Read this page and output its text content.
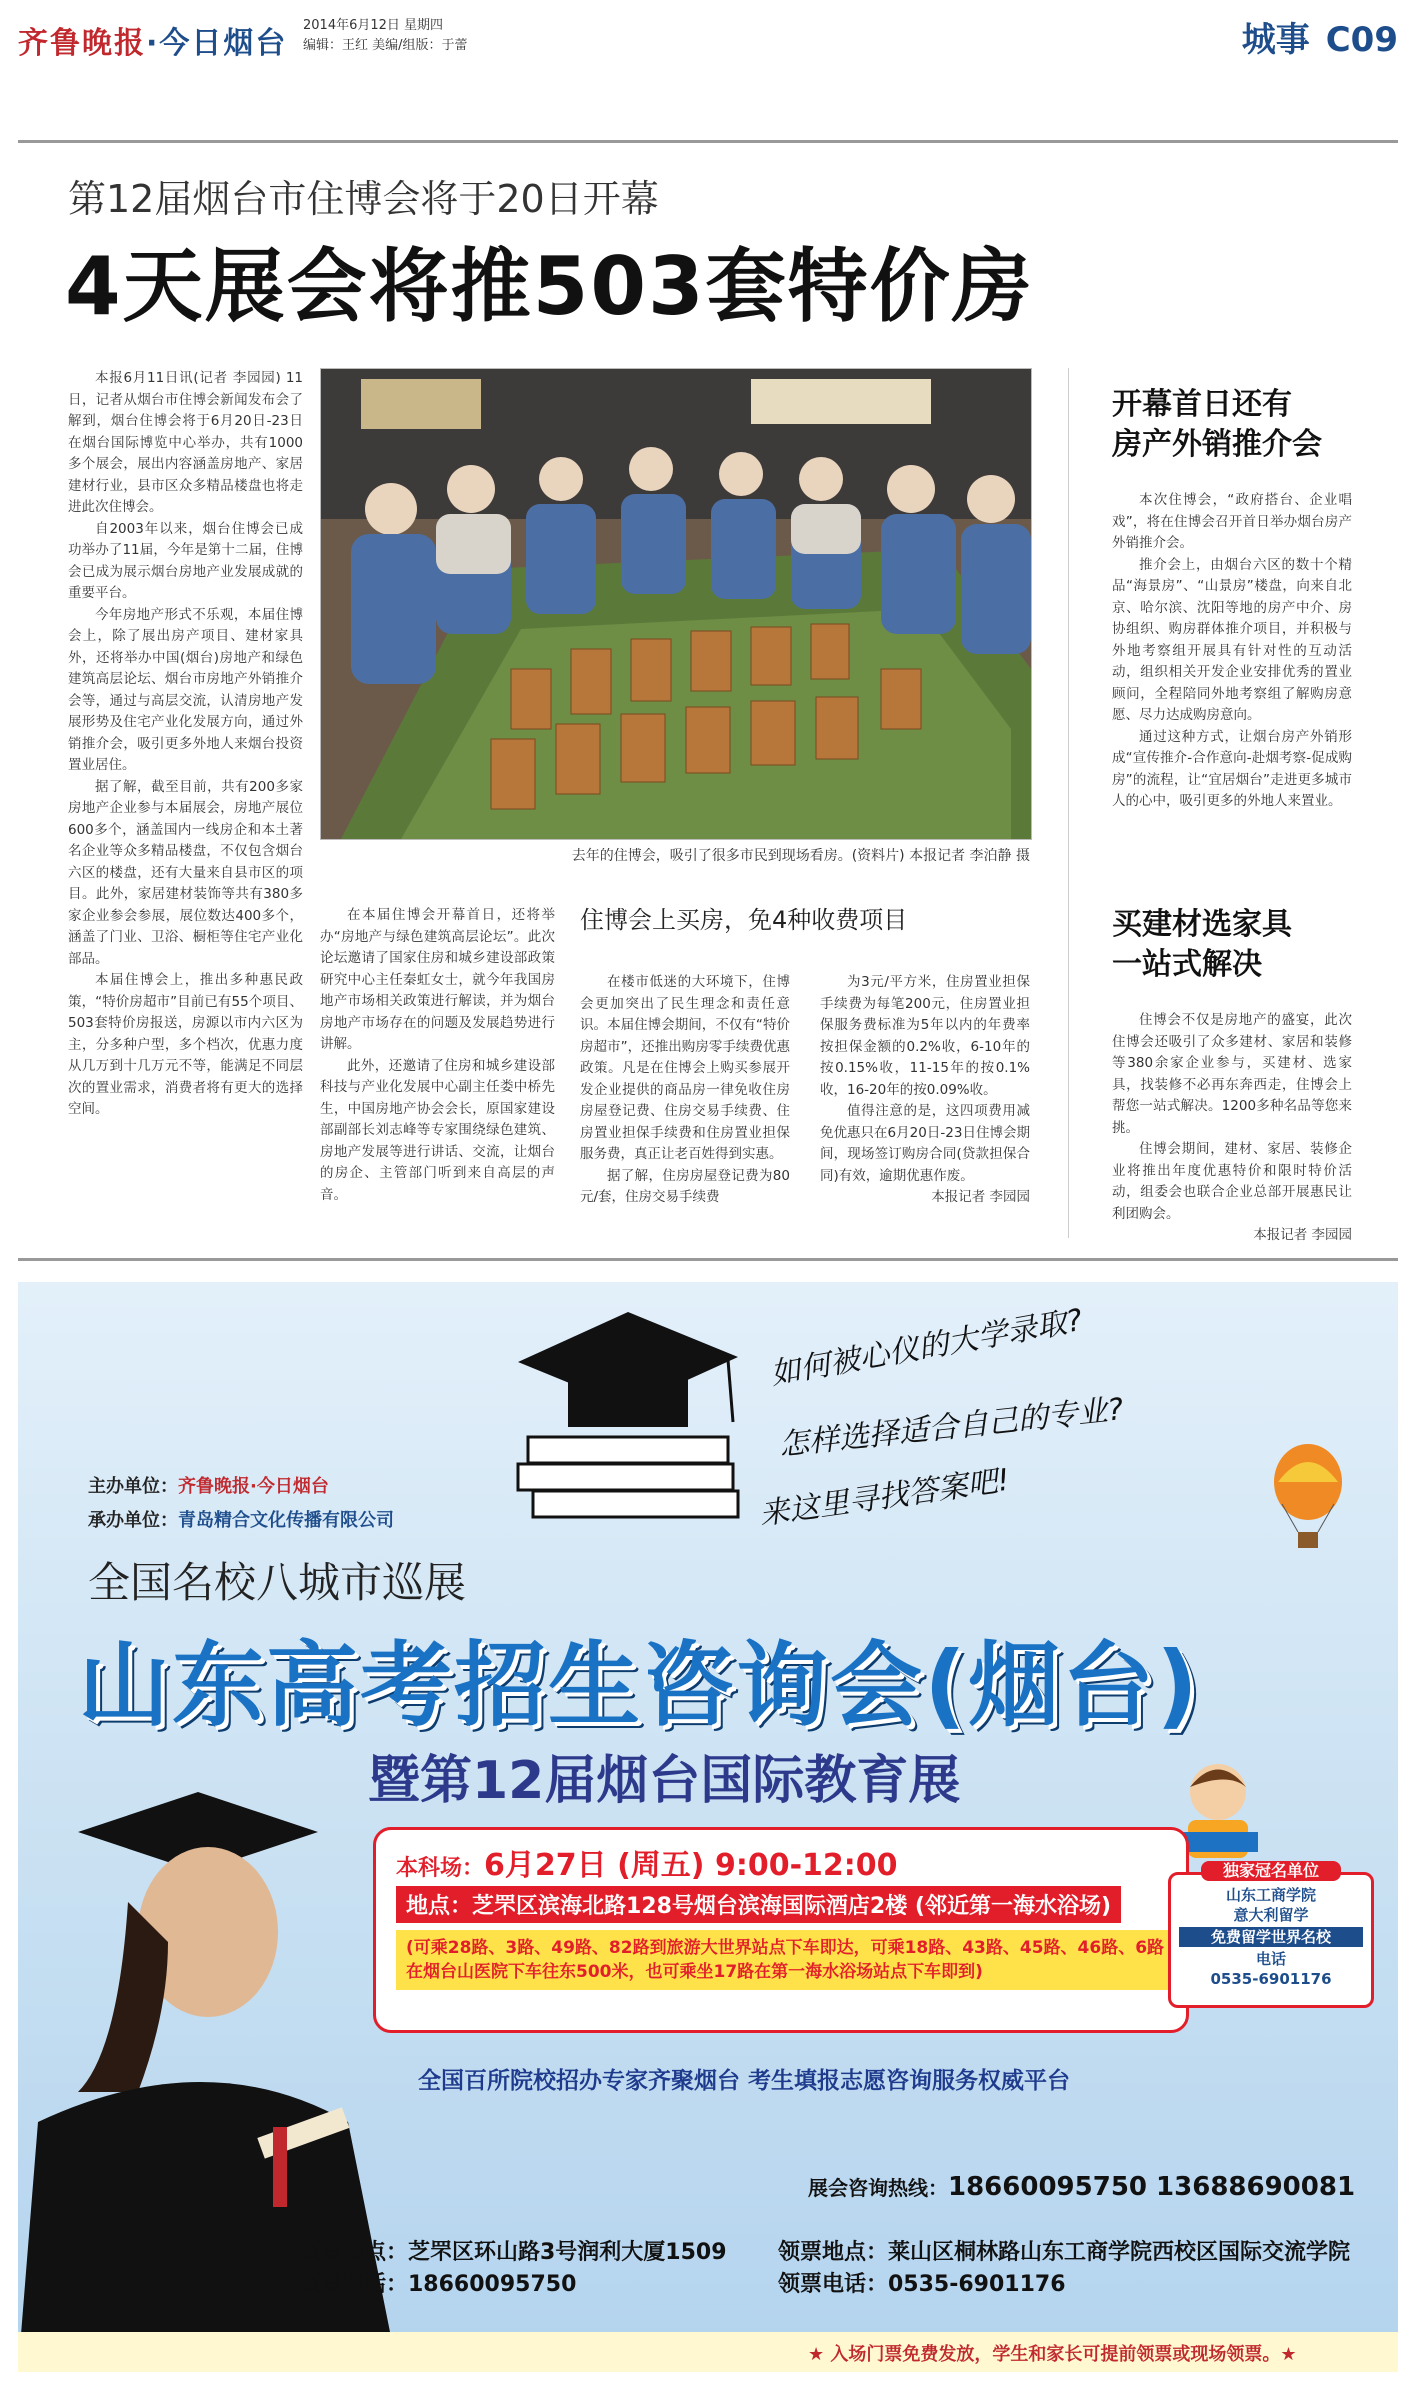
齐鲁晚报·今日烟台
2014年6月12日 星期四
编辑：王红 美编/组版：于蕾	城事 C09
第12届烟台市住博会将于20日开幕
4天展会将推503套特价房

本报6月11日讯(记者 李园园) 11日，记者从烟台市住博会新闻发布会了解到，烟台住博会将于6月20日-23日在烟台国际博览中心举办，共有1000多个展会，展出内容涵盖房地产、家居建材行业，县市区众多精品楼盘也将走进此次住博会。

自2003年以来，烟台住博会已成功举办了11届，今年是第十二届，住博会已成为展示烟台房地产业发展成就的重要平台。

今年房地产形式不乐观，本届住博会上，除了展出房产项目、建材家具外，还将举办中国(烟台)房地产和绿色建筑高层论坛、烟台市房地产外销推介会等，通过与高层交流，认清房地产发展形势及住宅产业化发展方向，通过外销推介会，吸引更多外地人来烟台投资置业居住。

据了解，截至目前，共有200多家房地产企业参与本届展会，房地产展位600多个，涵盖国内一线房企和本土著名企业等众多精品楼盘，不仅包含烟台六区的楼盘，还有大量来自县市区的项目。此外，家居建材装饰等共有380多家企业参会参展，展位数达400多个，涵盖了门业、卫浴、橱柜等住宅产业化部品。

本届住博会上，推出多种惠民政策，“特价房超市”目前已有55个项目、503套特价房报送，房源以市内六区为主，分多种户型，多个档次，优惠力度从几万到十几万元不等，能满足不同层次的置业需求，消费者将有更大的选择空间。

去年的住博会，吸引了很多市民到现场看房。(资料片) 本报记者 李泊静 摄

在本届住博会开幕首日，还将举办“房地产与绿色建筑高层论坛”。此次论坛邀请了国家住房和城乡建设部政策研究中心主任秦虹女士，就今年我国房地产市场相关政策进行解读，并为烟台房地产市场存在的问题及发展趋势进行讲解。

此外，还邀请了住房和城乡建设部科技与产业化发展中心副主任娄中桥先生，中国房地产协会会长，原国家建设部副部长刘志峰等专家围绕绿色建筑、房地产发展等进行讲话、交流，让烟台的房企、主管部门听到来自高层的声音。

住博会上买房，免4种收费项目

在楼市低迷的大环境下，住博会更加突出了民生理念和责任意识。本届住博会期间，不仅有“特价房超市”，还推出购房零手续费优惠政策。凡是在住博会上购买参展开发企业提供的商品房一律免收住房房屋登记费、住房交易手续费、住房置业担保手续费和住房置业担保服务费，真正让老百姓得到实惠。

据了解，住房房屋登记费为80元/套，住房交易手续费

为3元/平方米，住房置业担保手续费为每笔200元，住房置业担保服务费标准为5年以内的年费率按担保金额的0.2%收，6-10年的按0.15%收，11-15年的按0.1%收，16-20年的按0.09%收。

值得注意的是，这四项费用减免优惠只在6月20日-23日住博会期间，现场签订购房合同(贷款担保合同)有效，逾期优惠作废。

本报记者 李园园

开幕首日还有
房产外销推介会

本次住博会，“政府搭台、企业唱戏”，将在住博会召开首日举办烟台房产外销推介会。

推介会上，由烟台六区的数十个精品“海景房”、“山景房”楼盘，向来自北京、哈尔滨、沈阳等地的房产中介、房协组织、购房群体推介项目，并积极与外地考察组开展具有针对性的互动活动，组织相关开发企业安排优秀的置业顾问，全程陪同外地考察组了解购房意愿、尽力达成购房意向。

通过这种方式，让烟台房产外销形成“宣传推介-合作意向-赴烟考察-促成购房”的流程，让“宜居烟台”走进更多城市人的心中，吸引更多的外地人来置业。

买建材选家具
一站式解决

住博会不仅是房地产的盛宴，此次住博会还吸引了众多建材、家居和装修等380余家企业参与，买建材、选家具，找装修不必再东奔西走，住博会上帮您一站式解决。1200多种名品等您来挑。

住博会期间，建材、家居、装修企业将推出年度优惠特价和限时特价活动，组委会也联合企业总部开展惠民让利团购会。

本报记者 李园园

如何被心仪的大学录取?
怎样选择适合自己的专业?
来这里寻找答案吧!
主办单位：齐鲁晚报·今日烟台
承办单位：青岛精合文化传播有限公司
全国名校八城市巡展
山东高考招生咨询会(烟台)
暨第12届烟台国际教育展
本科场：6月27日 (周五) 9:00-12:00
地点：芝罘区滨海北路128号烟台滨海国际酒店2楼 (邻近第一海水浴场)
(可乘28路、3路、49路、82路到旅游大世界站点下车即达，可乘18路、43路、45路、46路、6路在烟台山医院下车往东500米，也可乘坐17路在第一海水浴场站点下车即到)
独家冠名单位
山东工商学院
意大利留学
免费留学世界名校
电话
0535-6901176
全国百所院校招办专家齐聚烟台 考生填报志愿咨询服务权威平台
展会咨询热线：18660095750 13688690081
领票地点：芝罘区环山路3号润利大厦1509
领票电话：18660095750
领票地点：莱山区桐林路山东工商学院西校区国际交流学院
领票电话：0535-6901176
★ 入场门票免费发放，学生和家长可提前领票或现场领票。★
